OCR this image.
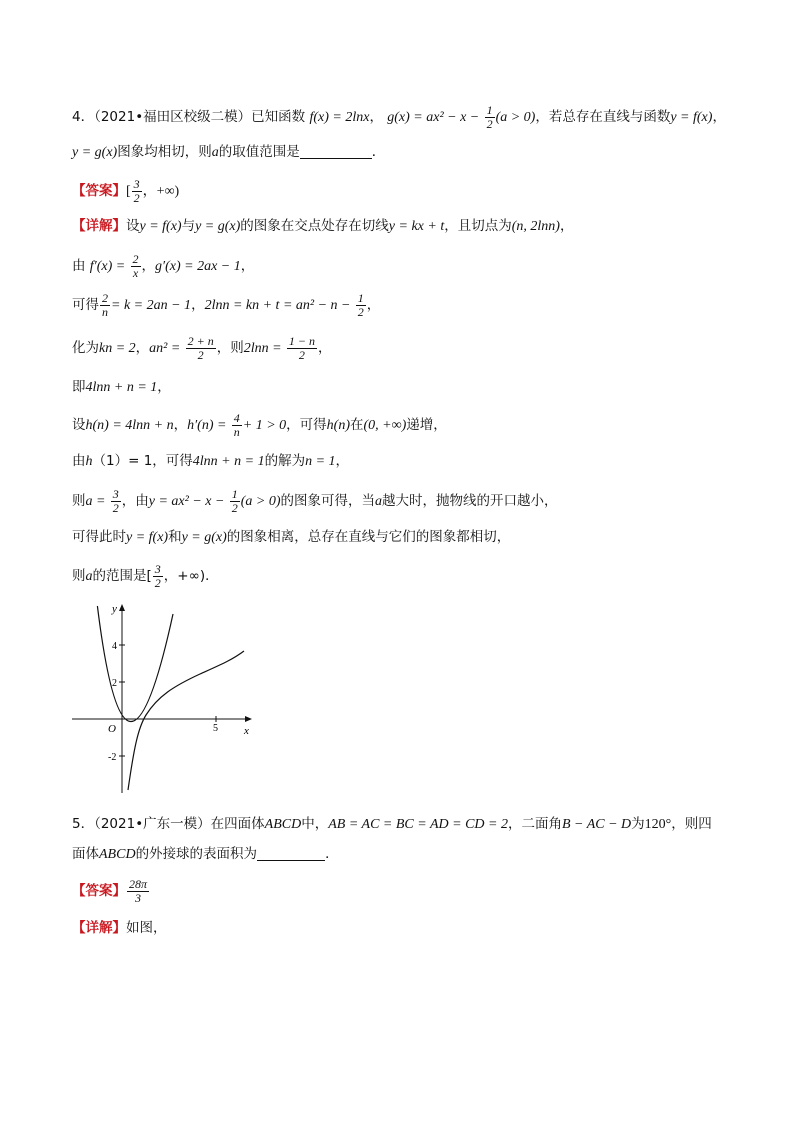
4．（2021•福田区校级二模）已知函数 f(x) = 2lnx， $g(x) = ax^2 - x - \frac{1}{2} (a > 0)$，若总存在直线与函数y = f(x)，
y = g(x)图象均相切，则a的取值范围是	．
【答案】[ $\frac{3}{2}$ ，+∞)
【详解】设y = f(x)与y = g(x)的图象在交点处存在切线y = kx + t，且切点为(n, 2lnn)，
由 $f'(x) = \frac{2}{x}$ ，g′(x) = 2ax − 1，
可得 $\frac{2}{n} = k = 2an - 1$，2lnn = kn + $t = an^2 - n - \frac{1}{2}$ ，
化为kn = 2，$an^2 = \frac{2 + n}{2}$ ，则$2\ln n = \frac{1 - n}{2}$ ，
即4lnn + n = 1，
设h(n) = 4lnn + n，$h'(n) = \frac{4}{n} + 1 > 0$，可得h(n)在(0, +∞)递增，
由h（1）= 1，可得4lnn + n = 1的解为n = 1，
则$a = \frac{3}{2}$ ，由$y = ax^2 - x - \frac{1}{2} (a > 0)$的图象可得，当a越大时，抛物线的开口越小，
可得此时y = f(x)和y = g(x)的图象相离，总存在直线与它们的图象都相切，
则a的范围是[ $\frac{3}{2}$ ，+∞)．
y
x
O
4
2
-2
5
5．（2021•广东一模）在四面体ABCD中，AB = AC = BC = AD = CD = 2，二面角B − AC − D为120°，则四
面体ABCD的外接球的表面积为	．
【答案】 $\frac{28\pi}{3}$
【详解】如图，
